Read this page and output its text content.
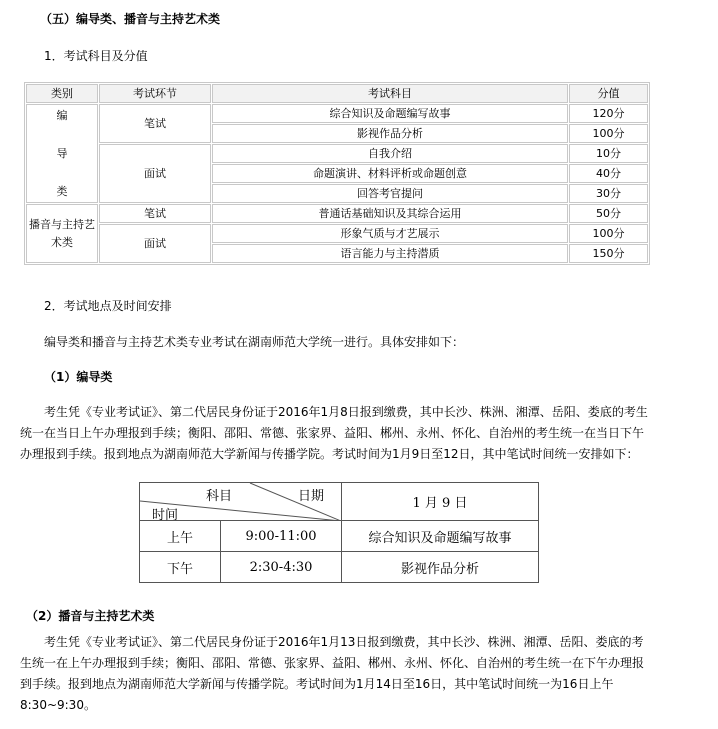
（五）编导类、播音与主持艺术类
1．考试科目及分值
类别	考试环节	考试科目	分值

编
导
类	笔试	综合知识及命题编写故事	120分
		影视作品分析	100分
	面试	自我介绍	10分
		命题演讲、材料评析或命题创意	40分
		回答考官提问	30分

播音与主持艺
术类	笔试	普通话基础知识及其综合运用	50分
	面试	形象气质与才艺展示	100分
		语言能力与主持潜质	150分
2．考试地点及时间安排
编导类和播音与主持艺术类专业考试在湖南师范大学统一进行。具体安排如下：
（1）编导类
考生凭《专业考试证》、第二代居民身份证于2016年1月8日报到缴费，其中长沙、株洲、湘潭、岳阳、娄底的考生
统一在当日上午办理报到手续；衡阳、邵阳、常德、张家界、益阳、郴州、永州、怀化、自治州的考生统一在当日下午
办理报到手续。报到地点为湖南师范大学新闻与传播学院。考试时间为1月9日至12日，其中笔试时间统一安排如下：
科目 日期
时间		1 月 9 日
上午	9:00-11:00	综合知识及命题编写故事
下午	2:30-4:30	影视作品分析
（2）播音与主持艺术类
考生凭《专业考试证》、第二代居民身份证于2016年1月13日报到缴费，其中长沙、株洲、湘潭、岳阳、娄底的考
生统一在上午办理报到手续；衡阳、邵阳、常德、张家界、益阳、郴州、永州、怀化、自治州的考生统一在下午办理报
到手续。报到地点为湖南师范大学新闻与传播学院。考试时间为1月14日至16日，其中笔试时间统一为16日上午
8:30~9:30。
